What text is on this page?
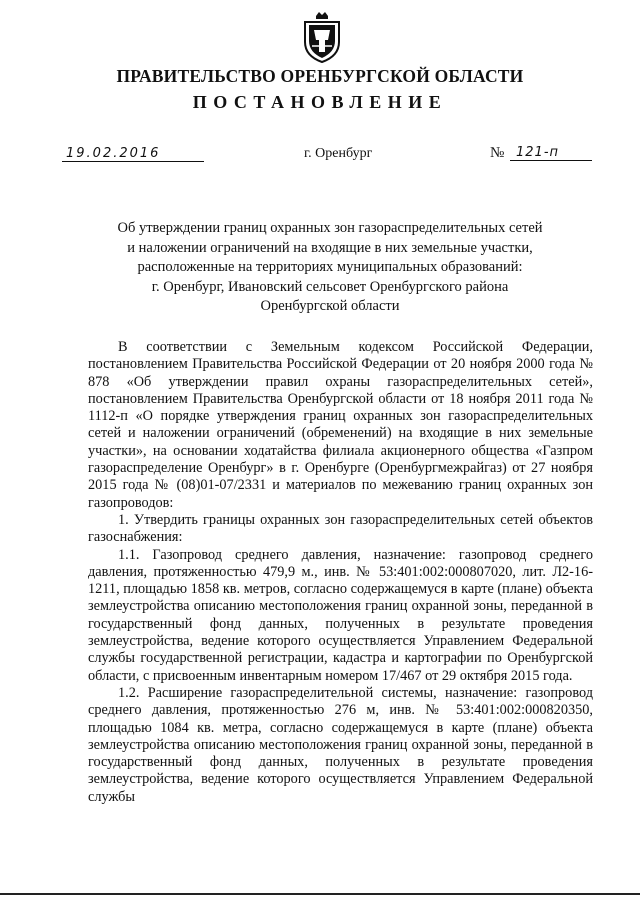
ПРАВИТЕЛЬСТВО ОРЕНБУРГСКОЙ ОБЛАСТИ
ПОСТАНОВЛЕНИЕ
19.02.2016	г. Оренбург	№ 121-п
Об утверждении границ охранных зон газораспределительных сетей
и наложении ограничений на входящие в них земельные участки,
расположенные на территориях муниципальных образований:
г. Оренбург, Ивановский сельсовет Оренбургского района
Оренбургской области

В соответствии с Земельным кодексом Российской Федерации, постановлением Правительства Российской Федерации от 20 ноября 2000 года № 878 «Об утверждении правил охраны газораспределительных сетей», постановлением Правительства Оренбургской области от 18 ноября 2011 года № 1112-п «О порядке утверждения границ охранных зон газораспределительных сетей и наложении ограничений (обременений) на входящие в них земельные участки», на основании ходатайства филиала акционерного общества «Газпром газораспределение Оренбург» в г. Оренбурге (Оренбургмежрайгаз) от 27 ноября 2015 года № (08)01-07/2331 и материалов по межеванию границ охранных зон газопроводов:

1. Утвердить границы охранных зон газораспределительных сетей объектов газоснабжения:

1.1. Газопровод среднего давления, назначение: газопровод среднего давления, протяженностью 479,9 м., инв. № 53:401:002:000807020, лит. Л2-16-1211, площадью 1858 кв. метров, согласно содержащемуся в карте (плане) объекта землеустройства описанию местоположения границ охранной зоны, переданной в государственный фонд данных, полученных в результате проведения землеустройства, ведение которого осуществляется Управлением Федеральной службы государственной регистрации, кадастра и картографии по Оренбургской области, с присвоенным инвентарным номером 17/467 от 29 октября 2015 года.

1.2. Расширение газораспределительной системы, назначение: газопровод среднего давления, протяженностью 276 м, инв. № 53:401:002:000820350, площадью 1084 кв. метра, согласно содержащемуся в карте (плане) объекта землеустройства описанию местоположения границ охранной зоны, переданной в государственный фонд данных, полученных в результате проведения землеустройства, ведение которого осуществляется Управлением Федеральной службы
